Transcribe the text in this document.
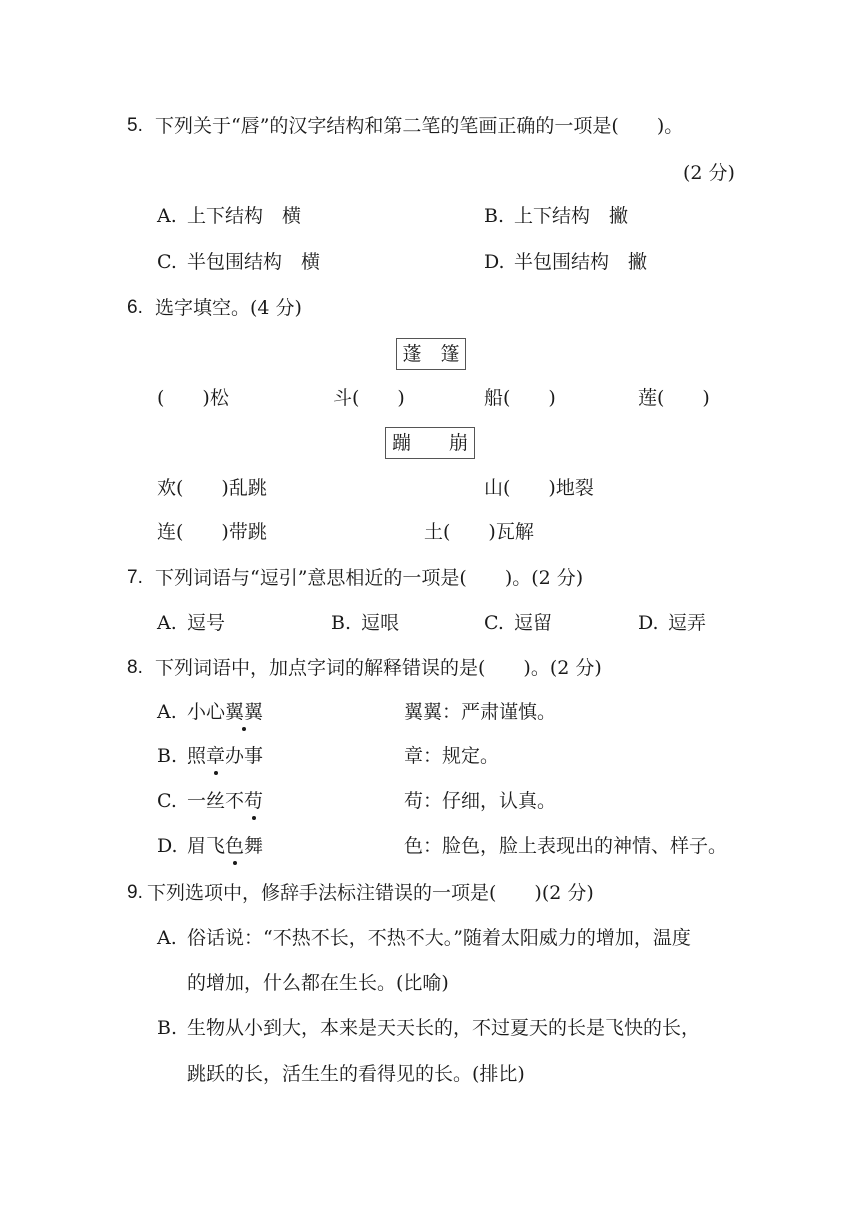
5. 下列关于“唇”的汉字结构和第二笔的笔画正确的一项是(　　)。
(2 分)
A. 上下结构　横	B. 上下结构　撇
C. 半包围结构　横	D. 半包围结构　撇
6. 选字填空。(4 分)
蓬　篷
(　　)松	斗(　　)	船(　　)	莲(　　)
蹦　　崩
欢(　　)乱跳	山(　　)地裂
连(　　)带跳	土(　　)瓦解
7. 下列词语与“逗引”意思相近的一项是(　　)。(2 分)
A. 逗号	B. 逗哏	C. 逗留	D. 逗弄
8. 下列词语中，加点字词的解释错误的是(　　)。(2 分)
A. 小心翼翼	翼翼：严肃谨慎。
B. 照章办事	章：规定。
C. 一丝不苟	苟：仔细，认真。
D. 眉飞色舞	色：脸色，脸上表现出的神情、样子。
9. 下列选项中，修辞手法标注错误的一项是(　　)(2 分)
A. 俗话说：“不热不长，不热不大。”随着太阳威力的增加，温度
的增加，什么都在生长。(比喻)
B. 生物从小到大，本来是天天长的，不过夏天的长是飞快的长，
跳跃的长，活生生的看得见的长。(排比)
